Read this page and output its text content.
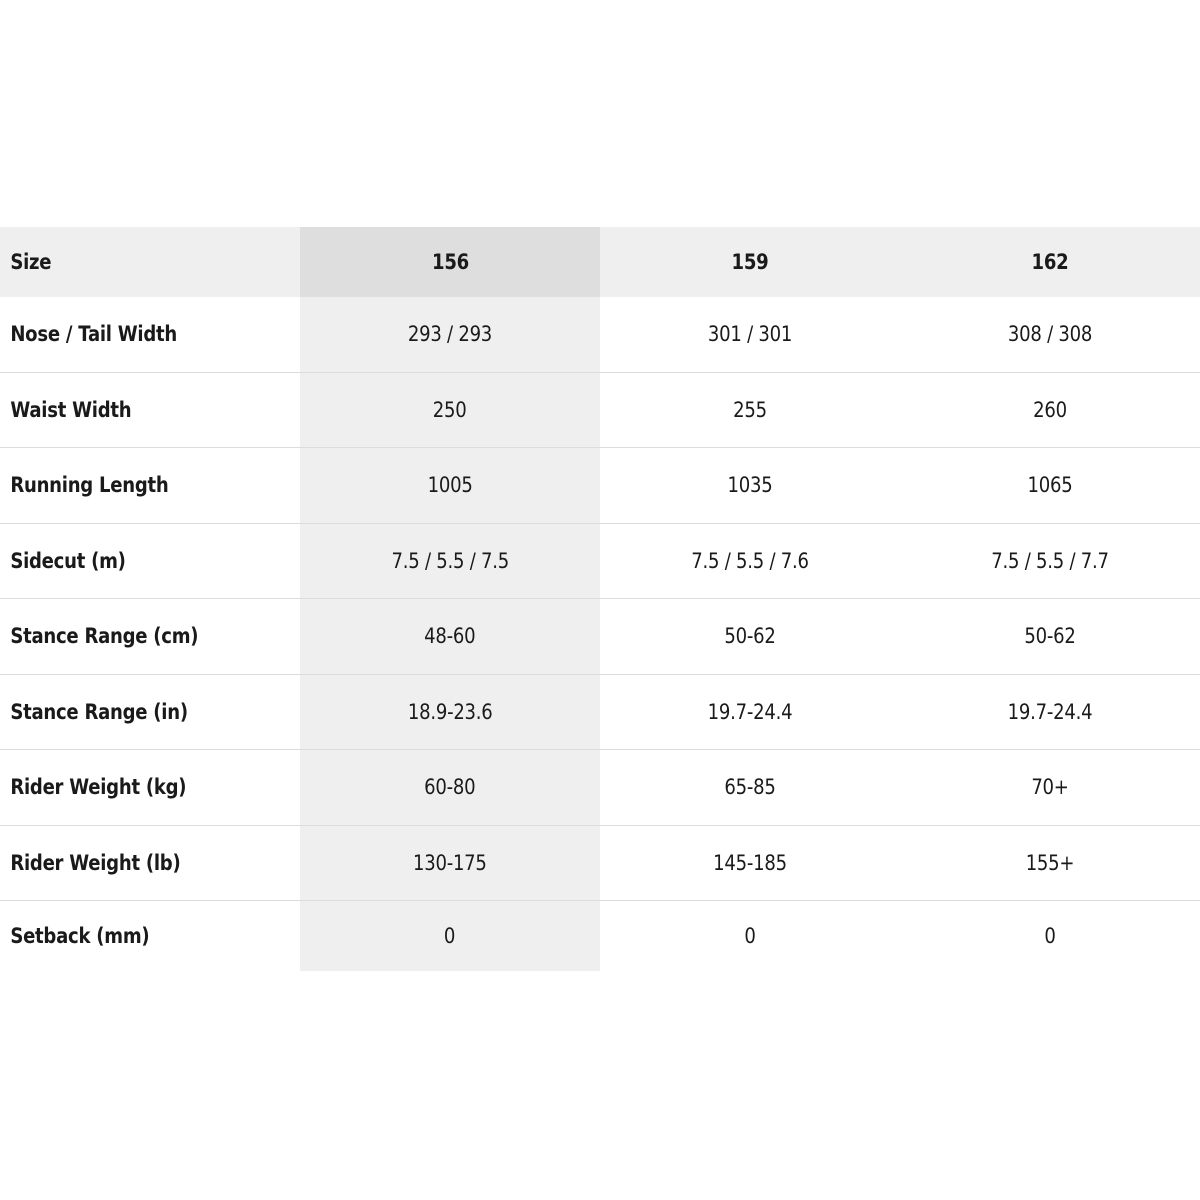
Size	156	159	162
Nose / Tail Width	293 / 293	301 / 301	308 / 308
Waist Width	250	255	260
Running Length	1005	1035	1065
Sidecut (m)	7.5 / 5.5 / 7.5	7.5 / 5.5 / 7.6	7.5 / 5.5 / 7.7
Stance Range (cm)	48-60	50-62	50-62
Stance Range (in)	18.9-23.6	19.7-24.4	19.7-24.4
Rider Weight (kg)	60-80	65-85	70+
Rider Weight (lb)	130-175	145-185	155+
Setback (mm)	0	0	0
